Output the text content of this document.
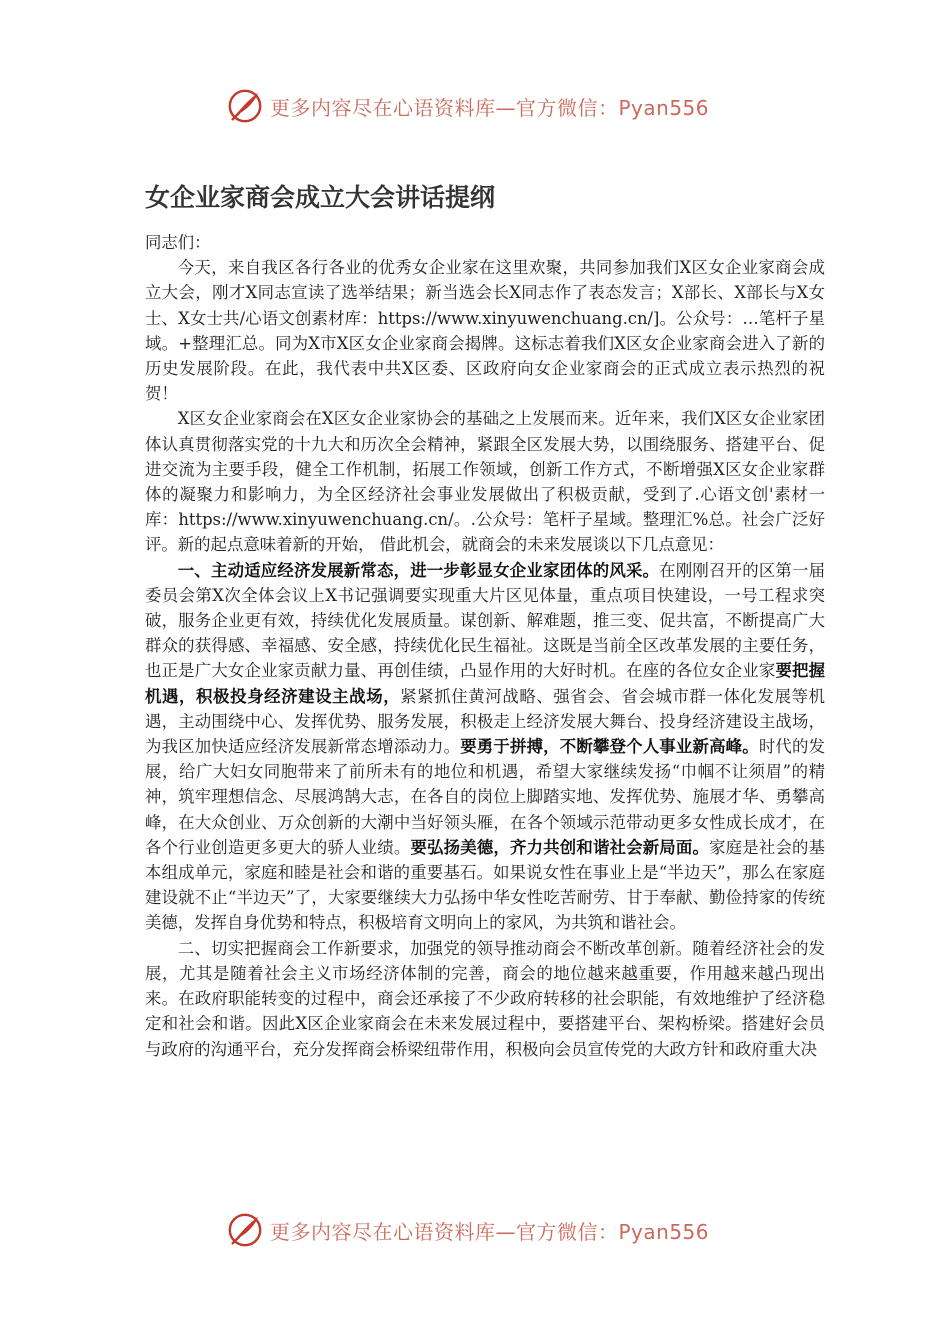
更多内容尽在心语资料库—官方微信：Pyan556
女企业家商会成立大会讲话提纲

同志们：

今天，来自我区各行各业的优秀女企业家在这里欢聚，共同参加我们X区女企业家商会成立大会，刚才X同志宣读了选举结果；新当选会长X同志作了表态发言；X部长、X部长与X女士、X女士共/心语文创素材库：https://www.xinyuwenchuang.cn/]。公众号：…笔杆子星域。+整理汇总。同为X市X区女企业家商会揭牌。这标志着我们X区女企业家商会进入了新的历史发展阶段。在此，我代表中共X区委、区政府向女企业家商会的正式成立表示热烈的祝贺！

X区女企业家商会在X区女企业家协会的基础之上发展而来。近年来，我们X区女企业家团体认真贯彻落实党的十九大和历次全会精神，紧跟全区发展大势，以围绕服务、搭建平台、促进交流为主要手段，健全工作机制，拓展工作领域，创新工作方式，不断增强X区女企业家群体的凝聚力和影响力，为全区经济社会事业发展做出了积极贡献，受到了.心语文创'素材一库：https://www.xinyuwenchuang.cn/。.公众号：笔杆子星域。整理汇%总。社会广泛好评。新的起点意味着新的开始， 借此机会，就商会的未来发展谈以下几点意见：

一、主动适应经济发展新常态，进一步彰显女企业家团体的风采。在刚刚召开的区第一届委员会第X次全体会议上X书记强调要实现重大片区见体量，重点项目快建设，一号工程求突破，服务企业更有效，持续优化发展质量。谋创新、解难题，推三变、促共富，不断提高广大群众的获得感、幸福感、安全感，持续优化民生福祉。这既是当前全区改革发展的主要任务，也正是广大女企业家贡献力量、再创佳绩，凸显作用的大好时机。在座的各位女企业家要把握机遇，积极投身经济建设主战场，紧紧抓住黄河战略、强省会、省会城市群一体化发展等机遇，主动围绕中心、发挥优势、服务发展，积极走上经济发展大舞台、投身经济建设主战场，为我区加快适应经济发展新常态增添动力。要勇于拼搏，不断攀登个人事业新高峰。时代的发展，给广大妇女同胞带来了前所未有的地位和机遇，希望大家继续发扬“巾帼不让须眉”的精神，筑牢理想信念、尽展鸿鹄大志，在各自的岗位上脚踏实地、发挥优势、施展才华、勇攀高峰，在大众创业、万众创新的大潮中当好领头雁，在各个领域示范带动更多女性成长成才，在各个行业创造更多更大的骄人业绩。要弘扬美德，齐力共创和谐社会新局面。家庭是社会的基本组成单元，家庭和睦是社会和谐的重要基石。如果说女性在事业上是“半边天”，那么在家庭建设就不止“半边天”了，大家要继续大力弘扬中华女性吃苦耐劳、甘于奉献、勤俭持家的传统美德，发挥自身优势和特点，积极培育文明向上的家风，为共筑和谐社会。

二、切实把握商会工作新要求，加强党的领导推动商会不断改革创新。随着经济社会的发展，尤其是随着社会主义市场经济体制的完善，商会的地位越来越重要，作用越来越凸现出来。在政府职能转变的过程中，商会还承接了不少政府转移的社会职能，有效地维护了经济稳定和社会和谐。因此X区企业家商会在未来发展过程中，要搭建平台、架构桥梁。搭建好会员与政府的沟通平台，充分发挥商会桥梁纽带作用，积极向会员宣传党的大政方针和政府重大决

更多内容尽在心语资料库—官方微信：Pyan556
